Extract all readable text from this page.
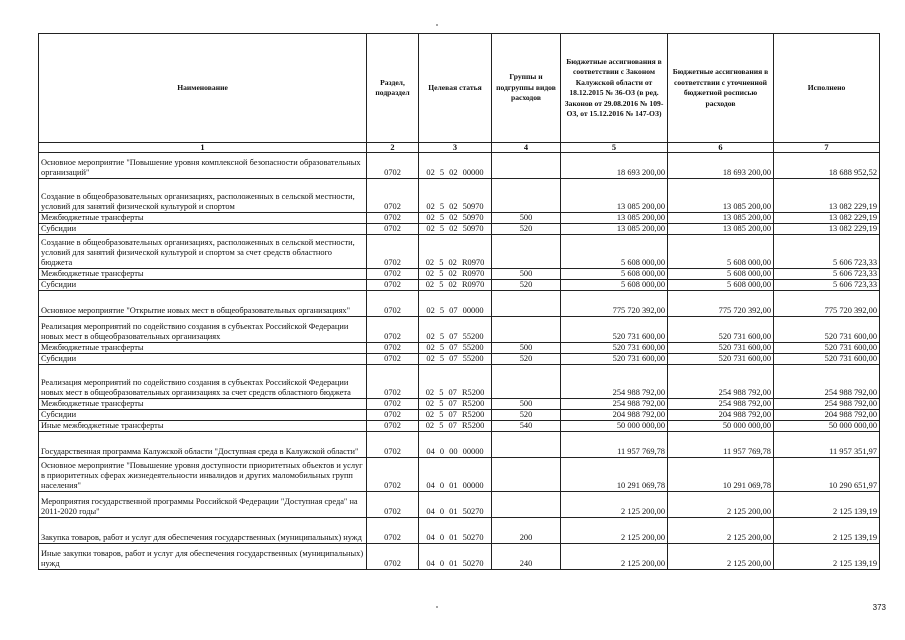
Наименование	Раздел, подраздел	Целевая статья	Группы и подгруппы видов расходов	Бюджетные ассигнования в соответствии с Законом Калужской области от 18.12.2015 № 36-ОЗ (в ред. Законов от 29.08.2016 № 109-ОЗ, от 15.12.2016 № 147-ОЗ)	Бюджетные ассигнования в соответствии с уточненной бюджетной росписью расходов	Исполнено
1	2	3	4	5	6	7
Основное мероприятие "Повышение уровня комплексной безопасности образовательных организаций"	0702	02 5 02 00000		18 693 200,00	18 693 200,00	18 688 952,52
Создание в общеобразовательных организациях, расположенных в сельской местности, условий для занятий физической культурой и спортом	0702	02 5 02 50970		13 085 200,00	13 085 200,00	13 082 229,19
Межбюджетные трансферты	0702	02 5 02 50970	500	13 085 200,00	13 085 200,00	13 082 229,19
Субсидии	0702	02 5 02 50970	520	13 085 200,00	13 085 200,00	13 082 229,19
Создание в общеобразовательных организациях, расположенных в сельской местности, условий для занятий физической культурой и спортом за счет средств областного бюджета	0702	02 5 02 R0970		5 608 000,00	5 608 000,00	5 606 723,33
Межбюджетные трансферты	0702	02 5 02 R0970	500	5 608 000,00	5 608 000,00	5 606 723,33
Субсидии	0702	02 5 02 R0970	520	5 608 000,00	5 608 000,00	5 606 723,33
Основное мероприятие "Открытие новых мест в общеобразовательных организациях"	0702	02 5 07 00000		775 720 392,00	775 720 392,00	775 720 392,00
Реализация мероприятий по содействию создания в субъектах Российской Федерации новых мест в общеобразовательных организациях	0702	02 5 07 55200		520 731 600,00	520 731 600,00	520 731 600,00
Межбюджетные трансферты	0702	02 5 07 55200	500	520 731 600,00	520 731 600,00	520 731 600,00
Субсидии	0702	02 5 07 55200	520	520 731 600,00	520 731 600,00	520 731 600,00
Реализация мероприятий по содействию создания в субъектах Российской Федерации новых мест в общеобразовательных организациях за счет средств областного бюджета	0702	02 5 07 R5200		254 988 792,00	254 988 792,00	254 988 792,00
Межбюджетные трансферты	0702	02 5 07 R5200	500	254 988 792,00	254 988 792,00	254 988 792,00
Субсидии	0702	02 5 07 R5200	520	204 988 792,00	204 988 792,00	204 988 792,00
Иные межбюджетные трансферты	0702	02 5 07 R5200	540	50 000 000,00	50 000 000,00	50 000 000,00
Государственная программа Калужской области "Доступная среда в Калужской области"	0702	04 0 00 00000		11 957 769,78	11 957 769,78	11 957 351,97
Основное мероприятие "Повышение уровня доступности приоритетных объектов и услуг в приоритетных сферах жизнедеятельности инвалидов и других маломобильных групп населения"	0702	04 0 01 00000		10 291 069,78	10 291 069,78	10 290 651,97
Мероприятия государственной программы Российской Федерации "Доступная среда" на 2011-2020 годы"	0702	04 0 01 50270		2 125 200,00	2 125 200,00	2 125 139,19
Закупка товаров, работ и услуг для обеспечения государственных (муниципальных) нужд	0702	04 0 01 50270	200	2 125 200,00	2 125 200,00	2 125 139,19
Иные закупки товаров, работ и услуг для обеспечения государственных (муниципальных) нужд	0702	04 0 01 50270	240	2 125 200,00	2 125 200,00	2 125 139,19
373
